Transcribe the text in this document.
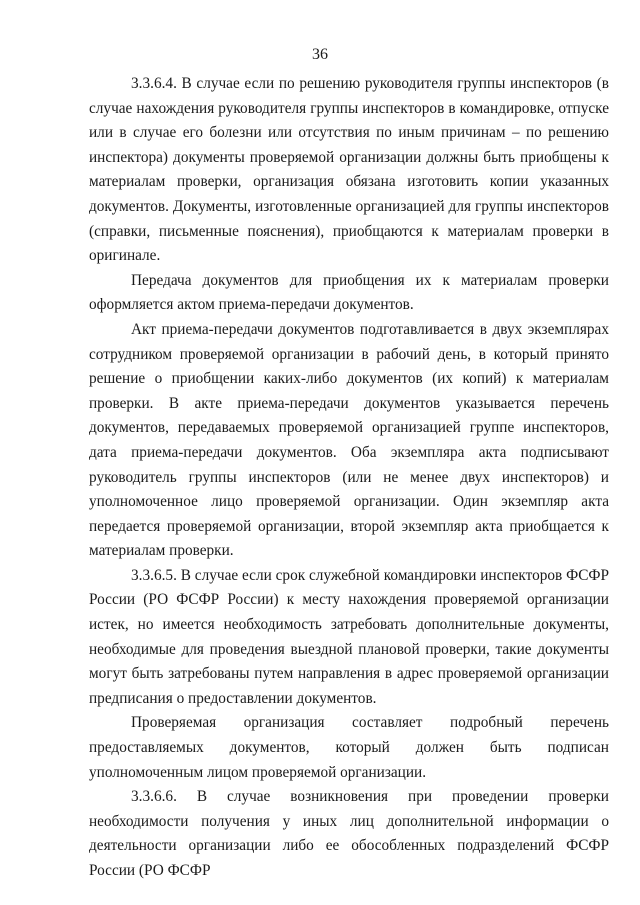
36

3.3.6.4. В случае если по решению руководителя группы инспекторов (в случае нахождения руководителя группы инспекторов в командировке, отпуске или в случае его болезни или отсутствия по иным причинам – по решению инспектора) документы проверяемой организации должны быть приобщены к материалам проверки, организация обязана изготовить копии указанных документов. Документы, изготовленные организацией для группы инспекторов (справки, письменные пояснения), приобщаются к материалам проверки в оригинале.

Передача документов для приобщения их к материалам проверки оформляется актом приема-передачи документов.

Акт приема-передачи документов подготавливается в двух экземплярах сотрудником проверяемой организации в рабочий день, в который принято решение о приобщении каких-либо документов (их копий) к материалам проверки. В акте приема-передачи документов указывается перечень документов, передаваемых проверяемой организацией группе инспекторов, дата приема-передачи документов. Оба экземпляра акта подписывают руководитель группы инспекторов (или не менее двух инспекторов) и уполномоченное лицо проверяемой организации. Один экземпляр акта передается проверяемой организации, второй экземпляр акта приобщается к материалам проверки.

3.3.6.5. В случае если срок служебной командировки инспекторов ФСФР России (РО ФСФР России) к месту нахождения проверяемой организации истек, но имеется необходимость затребовать дополнительные документы, необходимые для проведения выездной плановой проверки, такие документы могут быть затребованы путем направления в адрес проверяемой организации предписания о предоставлении документов.

Проверяемая организация составляет подробный перечень предоставляемых документов, который должен быть подписан уполномоченным лицом проверяемой организации.

3.3.6.6. В случае возникновения при проведении проверки необходимости получения у иных лиц дополнительной информации о деятельности организации либо ее обособленных подразделений ФСФР России (РО ФСФР
